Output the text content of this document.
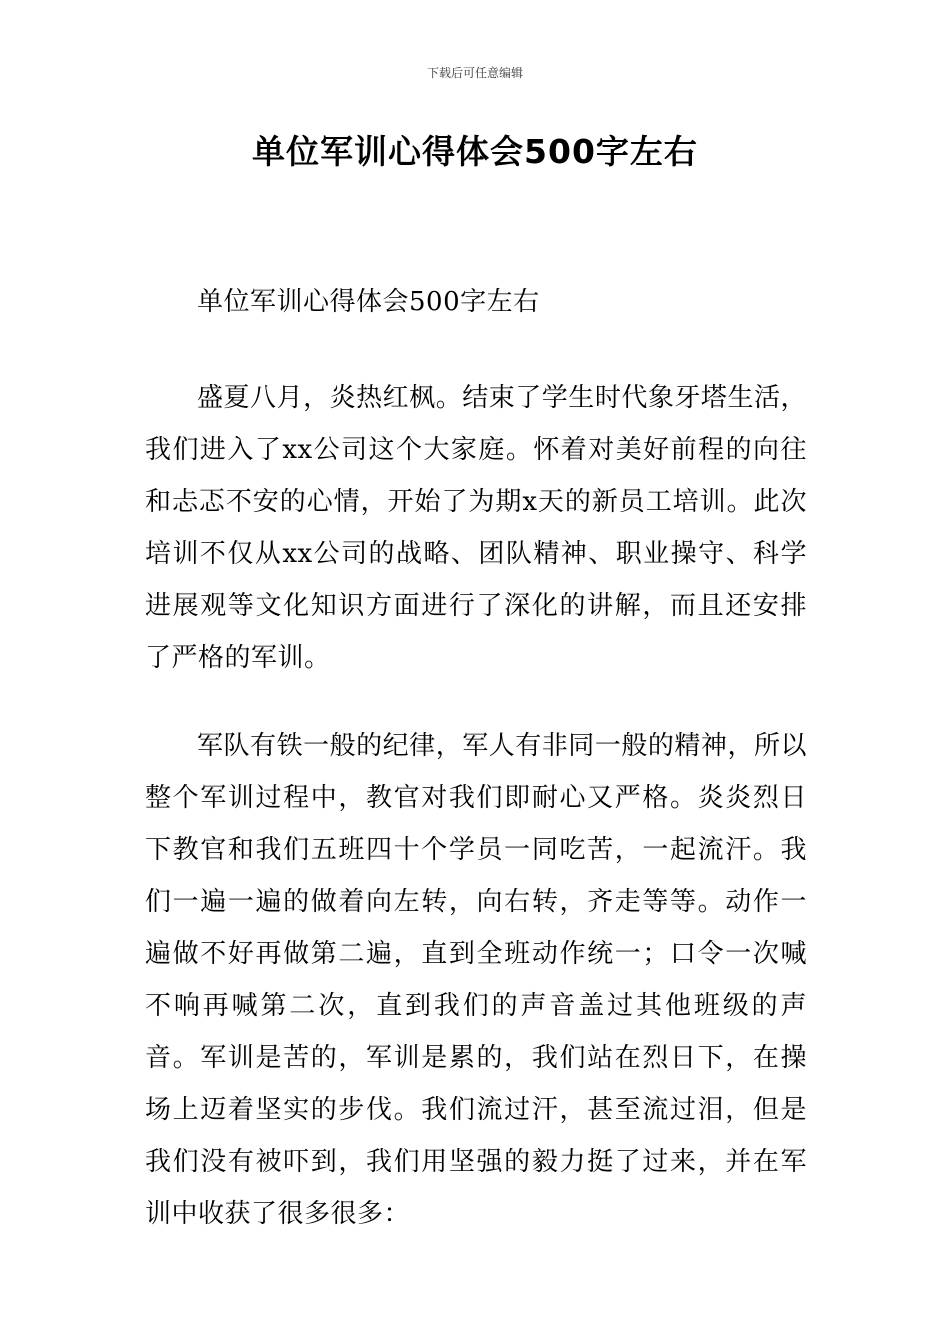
下载后可任意编辑
单位军训心得体会500字左右
单位军训心得体会500字左右

盛夏八月，炎热红枫。结束了学生时代象牙塔生活，我们进入了xx公司这个大家庭。怀着对美好前程的向往和忐忑不安的心情，开始了为期x天的新员工培训。此次培训不仅从xx公司的战略、团队精神、职业操守、科学进展观等文化知识方面进行了深化的讲解，而且还安排了严格的军训。

军队有铁一般的纪律，军人有非同一般的精神，所以整个军训过程中，教官对我们即耐心又严格。炎炎烈日下教官和我们五班四十个学员一同吃苦，一起流汗。我们一遍一遍的做着向左转，向右转，齐走等等。动作一遍做不好再做第二遍，直到全班动作统一；口令一次喊不响再喊第二次，直到我们的声音盖过其他班级的声音。军训是苦的，军训是累的，我们站在烈日下，在操场上迈着坚实的步伐。我们流过汗，甚至流过泪，但是我们没有被吓到，我们用坚强的毅力挺了过来，并在军训中收获了很多很多：
